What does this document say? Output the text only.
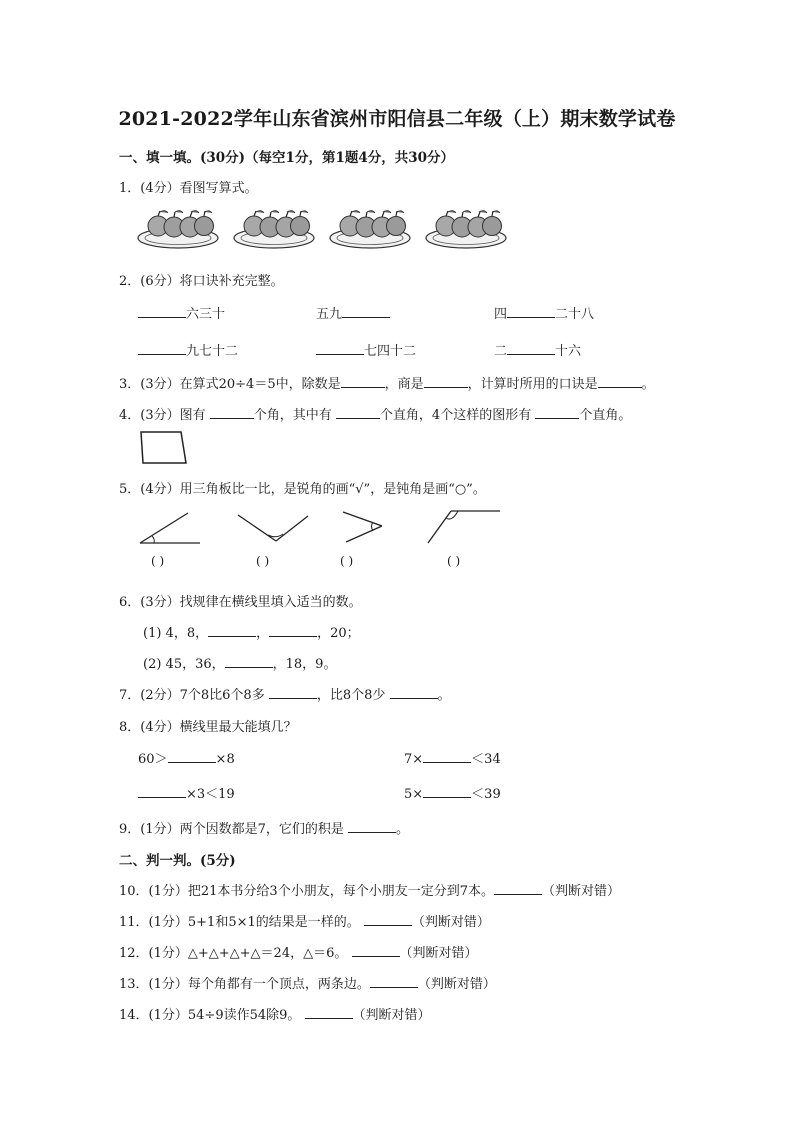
2021-2022学年山东省滨州市阳信县二年级（上）期末数学试卷
一、填一填。(30分)（每空1分，第1题4分，共30分）
1．(4分）看图写算式。
2．(6分）将口诀补充完整。
六三十	五九	四	二十八
九七十二	七四十二	二	十六
3．(3分）在算式20÷4＝5中，除数是	，商是	，计算时所用的口诀是	。
4．(3分）图有	个角，其中有	个直角，4个这样的图形有	个直角。
5．(4分）用三角板比一比，是锐角的画“√”，是钝角是画“○”。
( )	( )	( )	( )
6．(3分）找规律在横线里填入适当的数。
(1) 4，8，	，	，20；
(2) 45，36，	，18，9。
7．(2分）7个8比6个8多	，比8个8少	。
8．(4分）横线里最大能填几？
60＞	×8	7×	＜34
×3＜19	5×	＜39
9．(1分）两个因数都是7，它们的积是	。
二、判一判。(5分)
10．(1分）把21本书分给3个小朋友，每个小朋友一定分到7本。	（判断对错）
11．(1分）5+1和5×1的结果是一样的。	（判断对错）
12．(1分）△+△+△+△＝24，△＝6。	（判断对错）
13．(1分）每个角都有一个顶点，两条边。	（判断对错）
14．(1分）54÷9读作54除9。	（判断对错）
